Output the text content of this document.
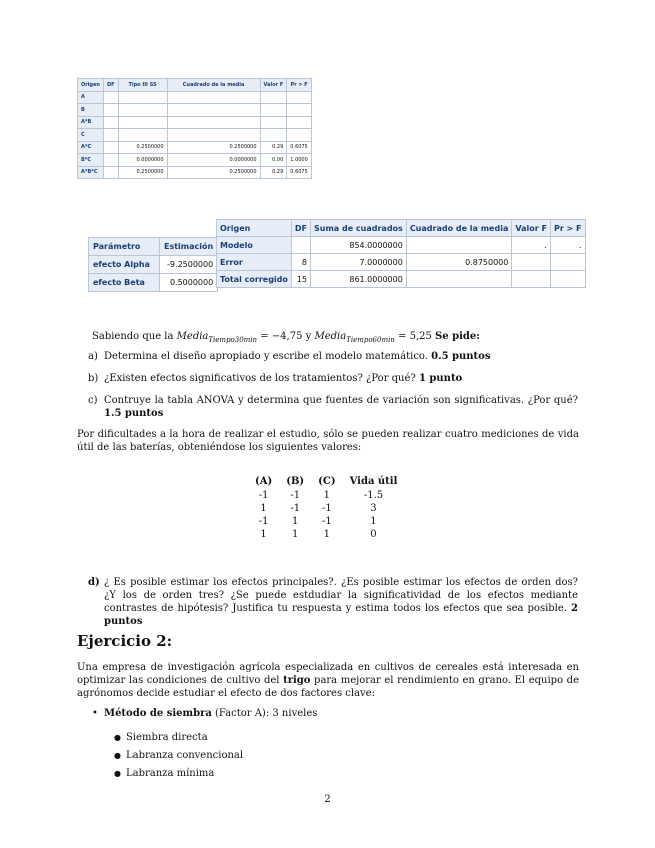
Origen	DF	Tipo III SS	Cuadrado de la media	Valor F	Pr > F
A					
B					
A*B					
C					
A*C		0.2500000	0.2500000	0.29	0.6075
B*C		0.0000000	0.0000000	0.00	1.0000
A*B*C		0.2500000	0.2500000	0.29	0.6075
Parámetro	Estimación
efecto Alpha	-9.2500000
efecto Beta	0.5000000
Origen	DF	Suma de cuadrados	Cuadrado de la media	Valor F	Pr > F
Modelo		854.0000000		.	.
Error	8	7.0000000	0.8750000		
Total corregido	15	861.0000000			
Sabiendo que la Media$_{Tiempo30min}$ = −4,75 y Media$_{Tiempo60min}$ = 5,25 Se pide:
a) Determina el diseño apropiado y escribe el modelo matemático. 0.5 puntos
b) ¿Existen efectos significativos de los tratamientos? ¿Por qué? 1 punto
c) Contruye la tabla ANOVA y determina que fuentes de variación son significativas. ¿Por qué? 1.5 puntos
Por dificultades a la hora de realizar el estudio, sólo se pueden realizar cuatro mediciones de vida útil de las baterías, obteniéndose los siguientes valores:
(A)	(B)	(C)	Vida útil
-1	-1	1	-1.5
1	-1	-1	3
-1	1	-1	1
1	1	1	0
d) ¿ Es posible estimar los efectos principales?. ¿Es posible estimar los efectos de orden dos? ¿Y los de orden tres? ¿Se puede estdudiar la significatividad de los efectos mediante contrastes de hipótesis? Justifica tu respuesta y estima todos los efectos que sea posible. 2 puntos
Ejercicio 2:
Una empresa de investigación agrícola especializada en cultivos de cereales está interesada en optimizar las condiciones de cultivo del trigo para mejorar el rendimiento en grano. El equipo de agrónomos decide estudiar el efecto de dos factores clave:
• Método de siembra (Factor A): 3 niveles
● Siembra directa
● Labranza convencional
● Labranza mínima
2
